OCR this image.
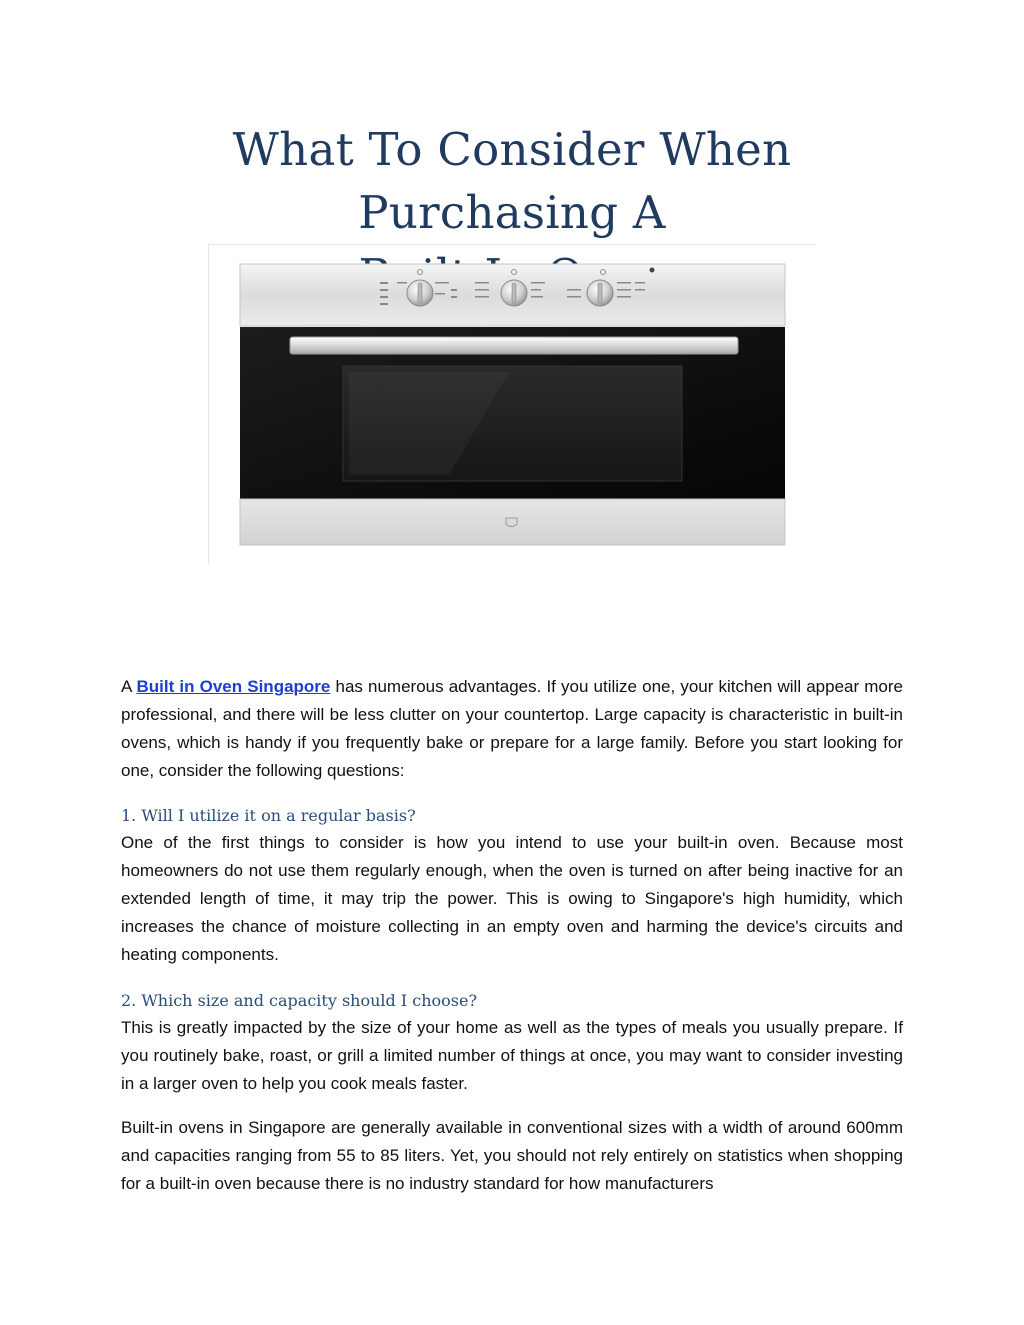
What To Consider When Purchasing A

A Built in Oven Singapore has numerous advantages. If you utilize one, your kitchen will appear more professional, and there will be less clutter on your countertop. Large capacity is characteristic in built-in ovens, which is handy if you frequently bake or prepare for a large family. Before you start looking for one, consider the following questions:

1. Will I utilize it on a regular basis?

One of the first things to consider is how you intend to use your built-in oven. Because most homeowners do not use them regularly enough, when the oven is turned on after being inactive for an extended length of time, it may trip the power. This is owing to Singapore's high humidity, which increases the chance of moisture collecting in an empty oven and harming the device's circuits and heating components.

2. Which size and capacity should I choose?

This is greatly impacted by the size of your home as well as the types of meals you usually prepare. If you routinely bake, roast, or grill a limited number of things at once, you may want to consider investing in a larger oven to help you cook meals faster.

Built-in ovens in Singapore are generally available in conventional sizes with a width of around 600mm and capacities ranging from 55 to 85 liters. Yet, you should not rely entirely on statistics when shopping for a built-in oven because there is no industry standard for how manufacturers
